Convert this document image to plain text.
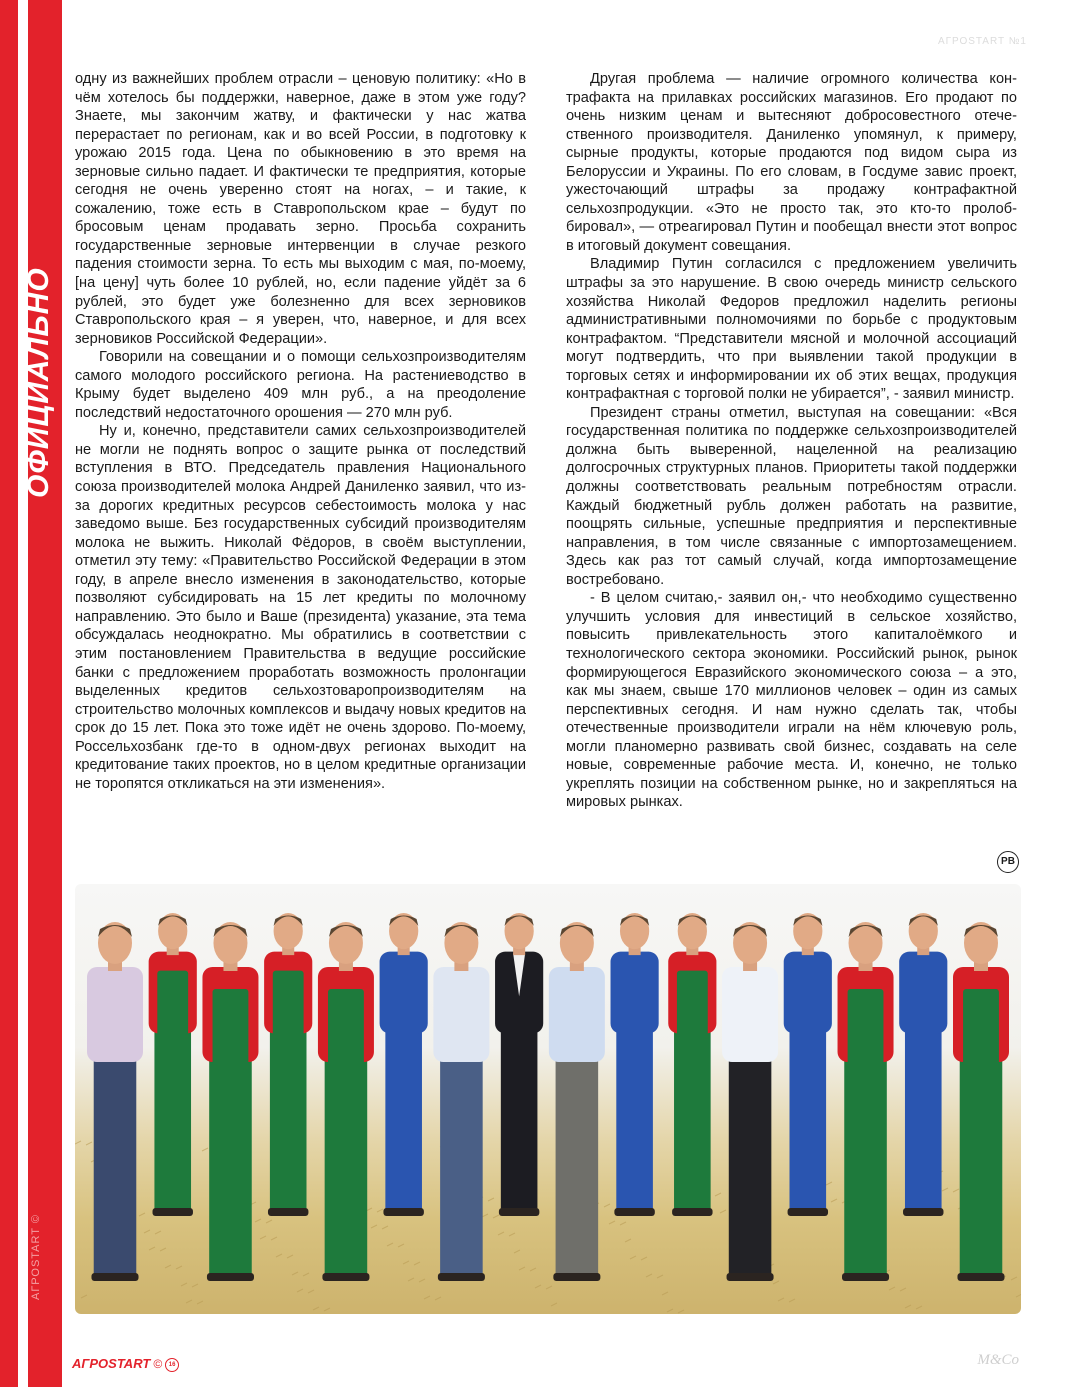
ОФИЦИАЛЬНО
АГРОSTART ©
АГРОSTART №1

одну из важнейших проблем отрасли – ценовую политику: «Но в чём хотелось бы поддержки, наверное, даже в этом уже году? Знаете, мы закончим жатву, и фактически у нас жатва перерастает по регионам, как и во всей России, в подготовку к урожаю 2015 года. Цена по обыкновению в это время на зерновые сильно падает. И фактически те предприятия, которые сегодня не очень уверенно стоят на ногах, – и такие, к сожалению, тоже есть в Ставропольском крае – будут по бросовым ценам продавать зерно. Просьба сохранить государственные зерновые интервенции в случае резкого падения стоимости зерна. То есть мы выходим с мая, по-моему, [на цену] чуть более 10 рублей, но, если падение уйдёт за 6 рублей, это будет уже болезненно для всех зерновиков Ставропольского края – я уверен, что, наверное, и для всех зерновиков Российской Федерации».

Говорили на совещании и о помощи сельхозпроизводителям самого молодого российского региона. На растениеводство в Крыму будет выделено 409 млн руб., а на преодоление последствий недостаточного орошения — 270 млн руб.

Ну и, конечно, представители самих сельхозпроизводителей не могли не поднять вопрос о защите рынка от последствий вступления в ВТО. Председатель правления Национального союза производителей молока Андрей Даниленко заявил, что из-за дорогих кредитных ресурсов себестоимость молока у нас заведомо выше. Без государственных субсидий производителям молока не выжить. Николай Фёдоров, в своём выступлении, отметил эту тему: «Правительство Российской Федерации в этом году, в апреле внесло изменения в законодательство, которые позволяют субсидировать на 15 лет кредиты по молочному направлению. Это было и Ваше (президента) указание, эта тема обсуждалась неоднократно. Мы обратились в соответствии с этим постановлением Правительства в ведущие российские банки с предложением проработать возможность пролонгации выделенных кредитов сельхозтоваропроизводителям на строительство молочных комплексов и выдачу новых кредитов на срок до 15 лет. Пока это тоже идёт не очень здорово. По-моему, Россельхозбанк где-то в одном-двух регионах выходит на кредитование таких проектов, но в целом кредитные организации не торопятся откликаться на эти изменения».

Другая проблема — наличие огромного количества контрафакта на прилавках российских магазинов. Его продают по очень низким ценам и вытесняют добросовестного отечественного производителя. Даниленко упомянул, к примеру, сырные продукты, которые продаются под видом сыра из Белоруссии и Украины. По его словам, в Госдуме завис проект, ужесточающий штрафы за продажу контрафактной сельхозпродукции. «Это не просто так, это кто-то пролоббировал», — отреагировал Путин и пообещал внести этот вопрос в итоговый документ совещания.

Владимир Путин согласился с предложением увеличить штрафы за это нарушение. В свою очередь министр сельского хозяйства Николай Федоров предложил наделить регионы административными полномочиями по борьбе с продуктовым контрафактом. “Представители мясной и молочной ассоциаций могут подтвердить, что при выявлении такой продукции в торговых сетях и информировании их об этих вещах, продукция контрафактная с торговой полки не убирается”, - заявил министр.

Президент страны отметил, выступая на совещании: «Вся государственная политика по поддержке сельхозпроизводителей должна быть выверенной, нацеленной на реализацию долгосрочных структурных планов. Приоритеты такой поддержки должны соответствовать реальным потребностям отрасли. Каждый бюджетный рубль должен работать на развитие, поощрять сильные, успешные предприятия и перспективные направления, в том числе связанные с импортозамещением. Здесь как раз тот самый случай, когда импортозамещение востребовано.

- В целом считаю,- заявил он,- что необходимо существенно улучшить условия для инвестиций в сельское хозяйство, повысить привлекательность этого капиталоёмкого и технологического сектора экономики. Российский рынок, рынок формирующегося Евразийского экономического союза – а это, как мы знаем, свыше 170 миллионов человек – один из самых перспективных сегодня. И нам нужно сделать так, чтобы отечественные производители играли на нём ключевую роль, могли планомерно развивать свой бизнес, создавать на селе новые, современные рабочие места. И, конечно, не только укреплять позиции на собственном рынке, но и закрепляться на мировых рынках.

РВ
АГРОSTART © 16	M&Co
